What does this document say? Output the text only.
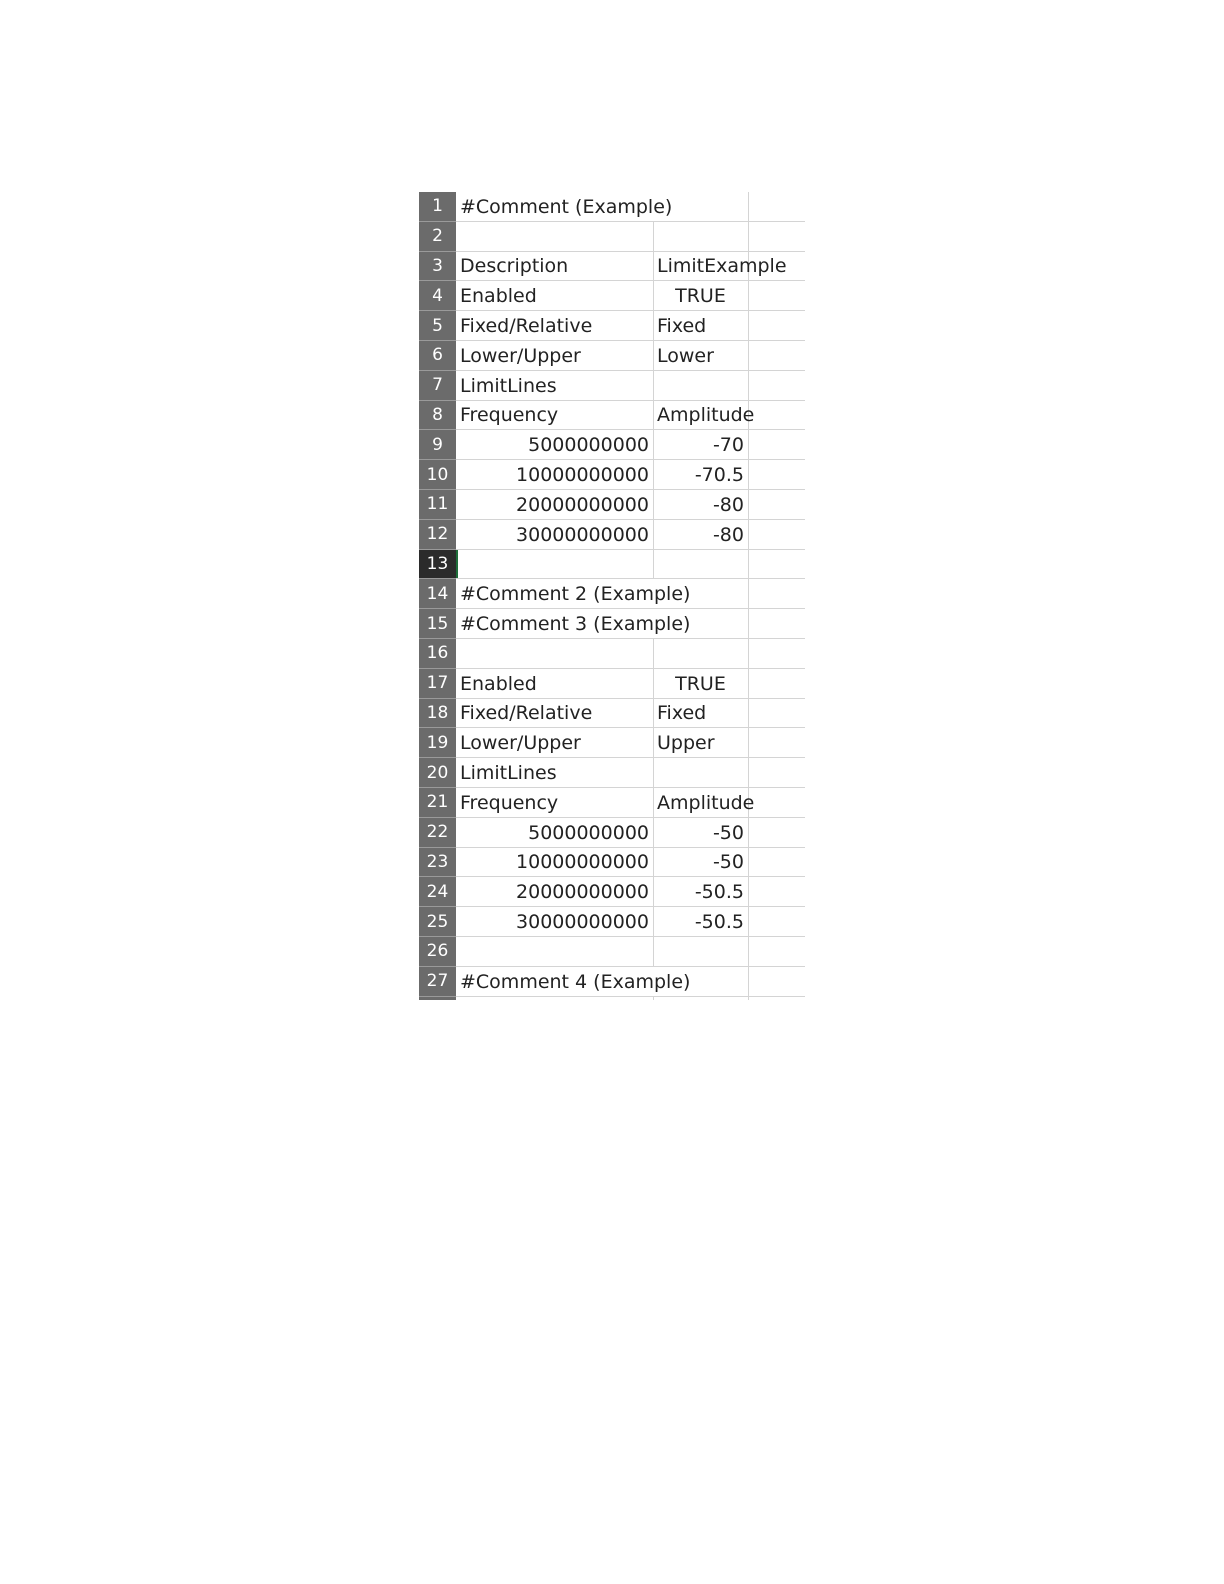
1 #Comment (Example)
2
3 Description	LimitExample
4 Enabled	TRUE
5 Fixed/Relative	Fixed
6 Lower/Upper	Lower
7 LimitLines
8 Frequency	Amplitude
9	5000000000	-70
10	10000000000	-70.5
11	20000000000	-80
12	30000000000	-80
13
14 #Comment 2 (Example)
15 #Comment 3 (Example)
16
17 Enabled	TRUE
18 Fixed/Relative	Fixed
19 Lower/Upper	Upper
20 LimitLines
21 Frequency	Amplitude
22	5000000000	-50
23	10000000000	-50
24	20000000000	-50.5
25	30000000000	-50.5
26
27 #Comment 4 (Example)
